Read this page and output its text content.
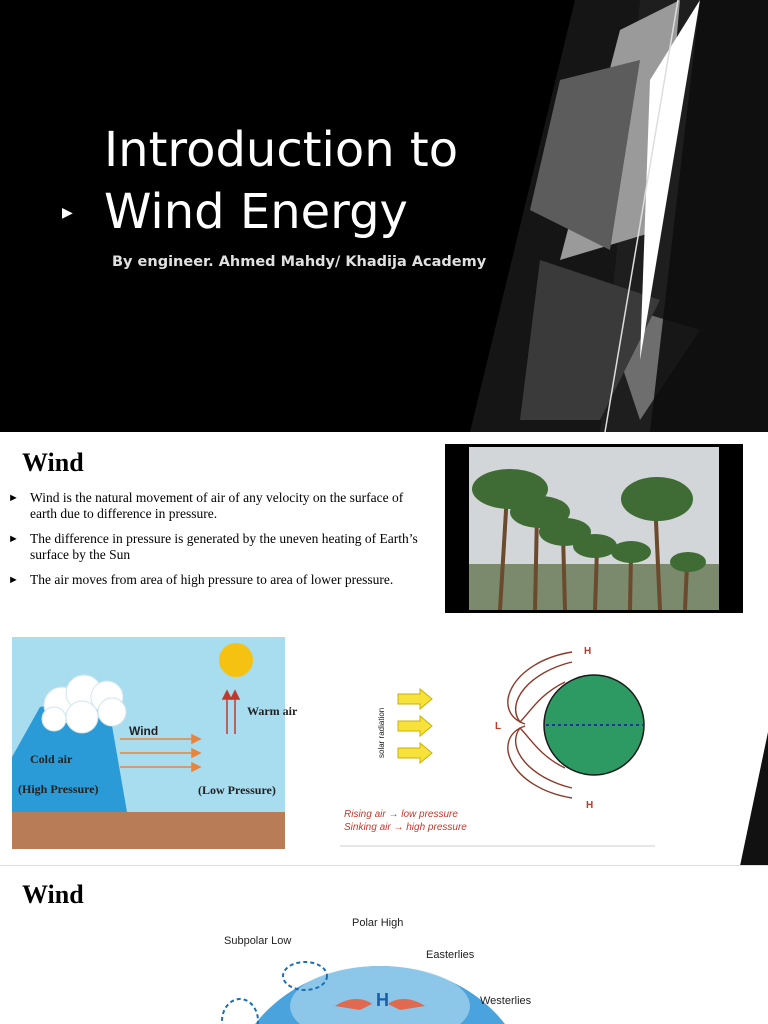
Introduction to
Wind Energy
▶
By engineer. Ahmed Mahdy/ Khadija Academy
Wind
► Wind is the natural movement of air of any velocity on the surface of earth due to difference in pressure.
► The difference in pressure is generated by the uneven heating of Earth’s surface by the Sun
► The air moves from area of high pressure to area of lower pressure.
Wind
Warm air
Cold air
(High Pressure)	(Low Pressure)
solar radiation
H
H
L
Rising air → low pressure
Sinking air → high pressure
Wind
H
Polar High
Subpolar Low
Easterlies
Westerlies
